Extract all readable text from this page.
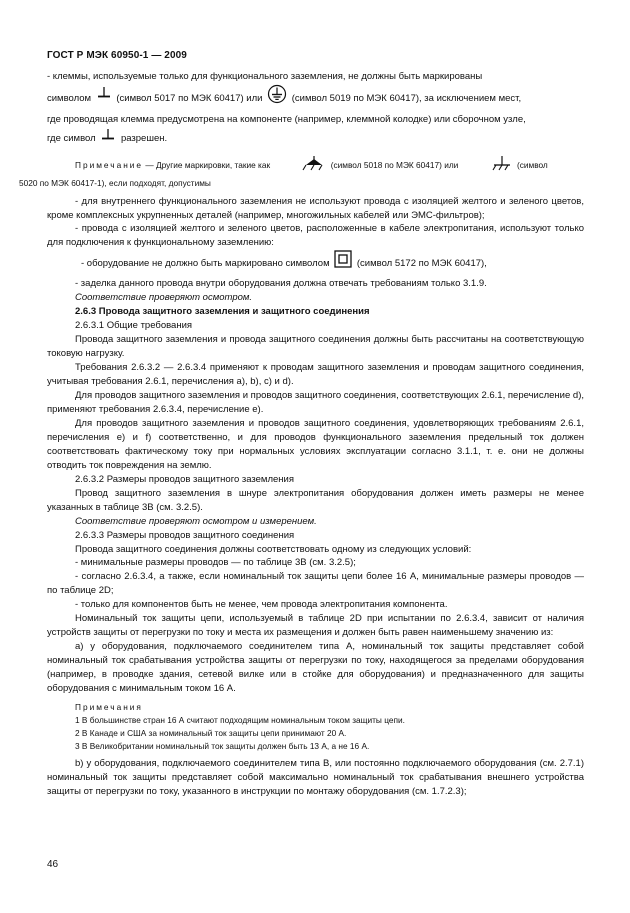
ГОСТ Р МЭК 60950-1 — 2009

- клеммы, используемые только для функционального заземления, не должны быть маркированы
символом	(символ 5017 по МЭК 60417) или	(символ 5019 по МЭК 60417), за исключением мест,
где проводящая клемма предусмотрена на компоненте (например, клеммной колодке) или сборочном узле,
где символ	разрешен.

Примечание — Другие маркировки, такие как	(символ 5018 по МЭК 60417) или	(символ
5020 по МЭК 60417-1), если подходят, допустимы

- для внутреннего функционального заземления не используют провода с изоляцией желтого и зеленого цветов, кроме комплексных укрупненных деталей (например, многожильных кабелей или ЭМС-фильтров);

- провода с изоляцией желтого и зеленого цветов, расположенные в кабеле электропитания, используют только для подключения к функциональному заземлению:

- оборудование не должно быть маркировано символом	(символ 5172 по МЭК 60417),

- заделка данного провода внутри оборудования должна отвечать требованиям только 3.1.9.

Соответствие проверяют осмотром.

2.6.3 Провода защитного заземления и защитного соединения

2.6.3.1 Общие требования

Провода защитного заземления и провода защитного соединения должны быть рассчитаны на соответствующую токовую нагрузку.

Требования 2.6.3.2 — 2.6.3.4 применяют к проводам защитного заземления и проводам защитного соединения, учитывая требования 2.6.1, перечисления a), b), c) и d).

Для проводов защитного заземления и проводов защитного соединения, соответствующих 2.6.1, перечисление d), применяют требования 2.6.3.4, перечисление e).

Для проводов защитного заземления и проводов защитного соединения, удовлетворяющих требованиям 2.6.1, перечисления e) и f) соответственно, и для проводов функционального заземления предельный ток должен соответствовать фактическому току при нормальных условиях эксплуатации согласно 3.1.1, т. е. они не должны отводить ток повреждения на землю.

2.6.3.2 Размеры проводов защитного заземления

Провод защитного заземления в шнуре электропитания оборудования должен иметь размеры не менее указанных в таблице 3В (см. 3.2.5).

Соответствие проверяют осмотром и измерением.

2.6.3.3 Размеры проводов защитного соединения

Провода защитного соединения должны соответствовать одному из следующих условий:

- минимальные размеры проводов — по таблице 3В (см. 3.2.5);

- согласно 2.6.3.4, а также, если номинальный ток защиты цепи более 16 А, минимальные размеры проводов — по таблице 2D;

- только для компонентов быть не менее, чем провода электропитания компонента.

Номинальный ток защиты цепи, используемый в таблице 2D при испытании по 2.6.3.4, зависит от наличия устройств защиты от перегрузки по току и места их размещения и должен быть равен наименьшему значению из:

a) у оборудования, подключаемого соединителем типа А, номинальный ток защиты представляет собой номинальный ток срабатывания устройства защиты от перегрузки по току, находящегося за пределами оборудования (например, в проводке здания, сетевой вилке или в стойке для оборудования) и предназначенного для защиты оборудования с минимальным током 16 А.

Примечания
1 В большинстве стран 16 А считают подходящим номинальным током защиты цепи.
2 В Канаде и США за номинальный ток защиты цепи принимают 20 А.
3 В Великобритании номинальный ток защиты должен быть 13 А, а не 16 А.

b) у оборудования, подключаемого соединителем типа В, или постоянно подключаемого оборудования (см. 2.7.1) номинальный ток защиты представляет собой максимально номинальный ток срабатывания внешнего устройства защиты от перегрузки по току, указанного в инструкции по монтажу оборудования (см. 1.7.2.3);

46
